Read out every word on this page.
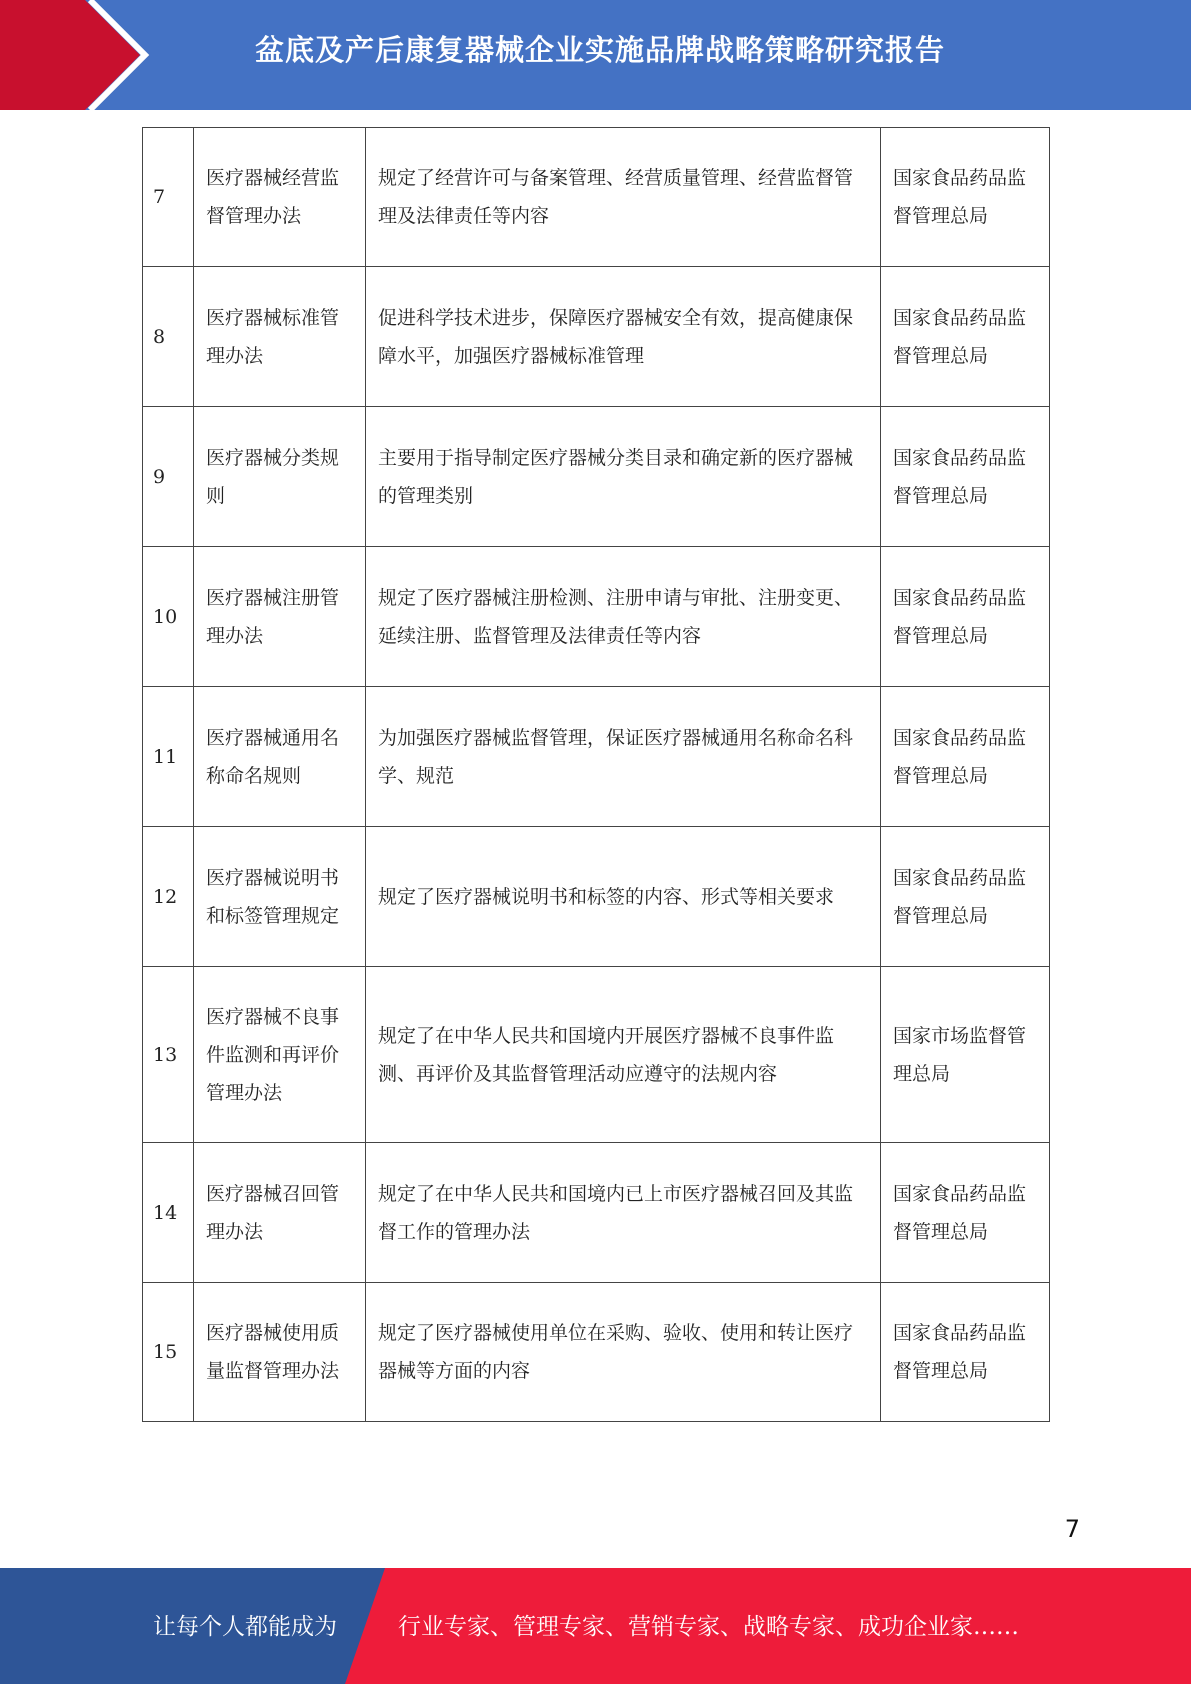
盆底及产后康复器械企业实施品牌战略策略研究报告
7	医疗器械经营监督管理办法	规定了经营许可与备案管理、经营质量管理、经营监督管理及法律责任等内容	国家食品药品监督管理总局
8	医疗器械标准管理办法	促进科学技术进步，保障医疗器械安全有效，提高健康保障水平，加强医疗器械标准管理	国家食品药品监督管理总局
9	医疗器械分类规则	主要用于指导制定医疗器械分类目录和确定新的医疗器械的管理类别	国家食品药品监督管理总局
10	医疗器械注册管理办法	规定了医疗器械注册检测、注册申请与审批、注册变更、延续注册、监督管理及法律责任等内容	国家食品药品监督管理总局
11	医疗器械通用名称命名规则	为加强医疗器械监督管理，保证医疗器械通用名称命名科学、规范	国家食品药品监督管理总局
12	医疗器械说明书和标签管理规定	规定了医疗器械说明书和标签的内容、形式等相关要求	国家食品药品监督管理总局
13	医疗器械不良事件监测和再评价管理办法	规定了在中华人民共和国境内开展医疗器械不良事件监测、再评价及其监督管理活动应遵守的法规内容	国家市场监督管理总局
14	医疗器械召回管理办法	规定了在中华人民共和国境内已上市医疗器械召回及其监督工作的管理办法	国家食品药品监督管理总局
15	医疗器械使用质量监督管理办法	规定了医疗器械使用单位在采购、验收、使用和转让医疗器械等方面的内容	国家食品药品监督管理总局
7
让每个人都能成为	行业专家、管理专家、营销专家、战略专家、成功企业家……
